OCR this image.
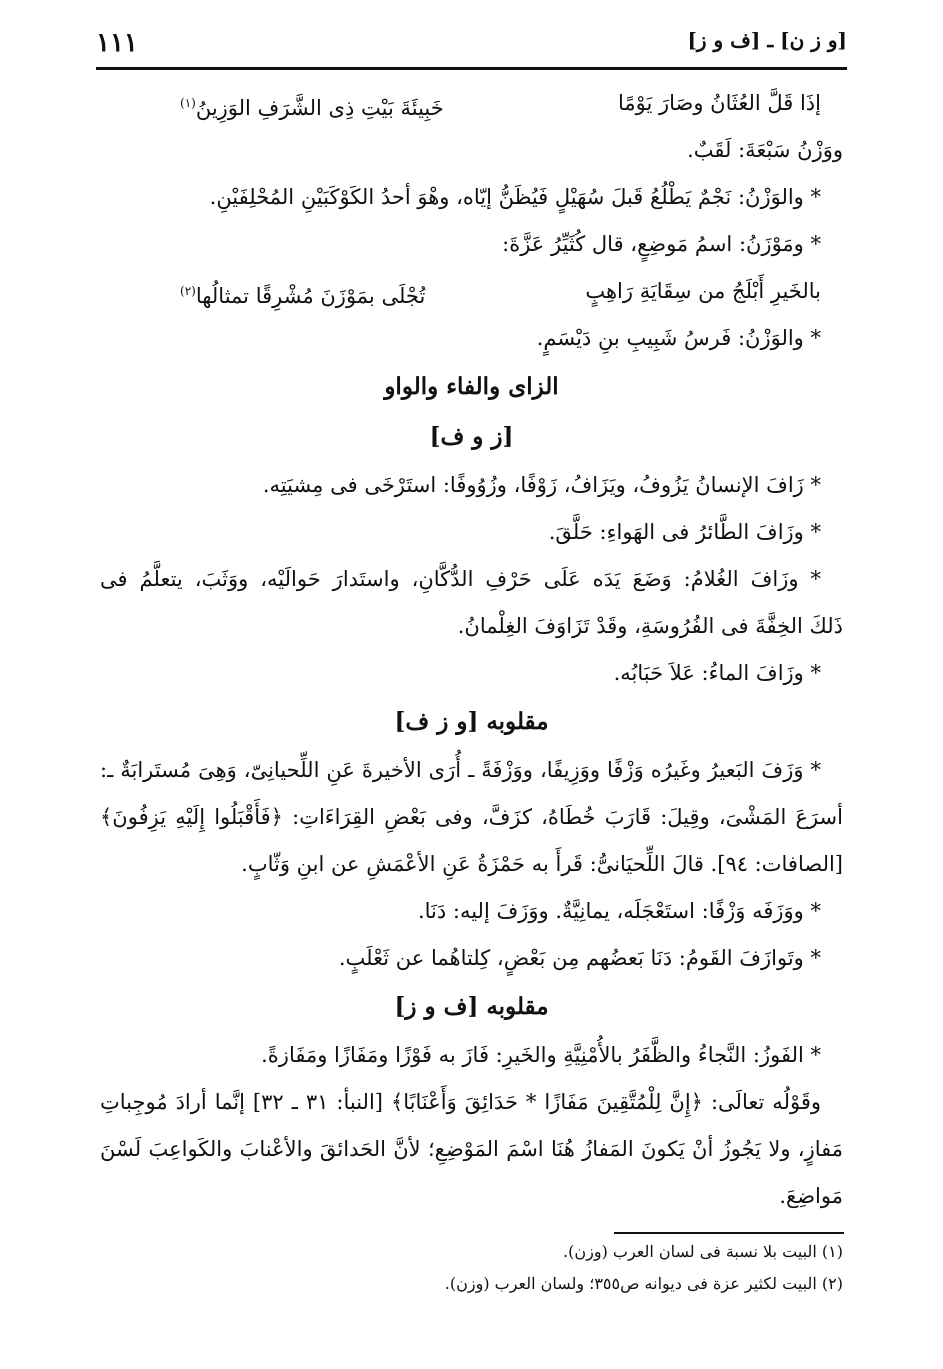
[و ز ن] ـ [ف و ز]
١١١
إذَا قَلَّ العُثَانُ وصَارَ يَوْمًا
خَبِيئَةَ بَيْتِ ذِى الشَّرَفِ الوَزِينُ$^{(١)}$
ووَزْنُ سَبْعَةَ: لَقَبٌ.
* والوَزْنُ: نَجْمٌ يَطْلُعُ قَبلَ سُهَيْلٍ فَيُظَنُّ إيّاه، وهْوَ أحدُ الكَوْكَبَيْنِ المُحْلِفَيْنِ.
* ومَوْزَنُ: اسمُ مَوضِعٍ، قال كُثَيِّرُ عَزَّةَ:
بالخَيرِ أَبْلَجُ من سِقَايَةِ رَاهِبٍ
تُجْلَى بمَوْزَنَ مُشْرِقًا تمثالُها$^{(٢)}$
* والوَزْنُ: فَرسُ شَبِيبِ بنِ دَيْسَمٍ.
الزاى والفاء والواو
[ز و ف]
* زَافَ الإنسانُ يَزُوفُ، ويَزَافُ، زَوْفًا، وزُوُوفًا: استَرْخَى فى مِشيَتِه.
* وزَافَ الطَّائرُ فى الهَواءِ: حَلَّقَ.
* وزَافَ الغُلامُ: وَضَعَ يَدَه عَلَى حَرْفِ الدُّكَّانِ، واستَدارَ حَوالَيْه، ووَثَبَ، يتعلَّمُ فى
ذَلكَ الخِفَّةَ فى الفُرُوسَةِ، وقَدْ تَزَاوَفَ الغِلْمانُ.
* وزَافَ الماءُ: عَلاَ حَبَابُه.
مقلوبه [و ز ف]
* وَزَفَ البَعيرُ وغَيرُه وَزْفًا ووَزِيفًا، ووَزْفَةً ـ أُرَى الأخيرةَ عَنِ اللِّحيانِىّ، وَهِىَ مُستَرابَةٌ ـ:
أسرَعَ المَشْىَ، وقِيلَ: قَارَبَ خُطَاهُ، كزَفَّ، وفى بَعْضِ القِرَاءَاتِ: ﴿فَأَقْبَلُوا إِلَيْهِ يَزِفُونَ﴾
[الصافات: ٩٤]. قالَ اللِّحيَانىُّ: قَرأَ به حَمْزَةُ عَنِ الأعْمَشِ عن ابنِ وَثّابٍ.
* ووَزَفَه وَزْفًا: استَعْجَلَه، يمانِيَّةٌ. ووَزَفَ إليه: دَنَا.
* وتَوازَفَ القَومُ: دَنَا بَعضُهم مِن بَعْضٍ، كِلتاهُما عن ثَعْلَبٍ.
مقلوبه [ف و ز]
* الفَوزُ: النَّجاءُ والظَّفَرُ بالأُمْنِيَّةِ والخَيرِ: فَازَ به فَوْزًا ومَفَازًا ومَفَازةً.
وقَوْلُه تعالَى: ﴿إِنَّ لِلْمُتَّقِينَ مَفَازًا * حَدَائِقَ وَأَعْنَابًا﴾ [النبأ: ٣١ ـ ٣٢] إنَّما أرادَ مُوجِباتِ
مَفازٍ، ولا يَجُوزُ أنْ يَكونَ المَفازُ هُنَا اسْمَ المَوْضِعِ؛ لأنَّ الحَدائقَ والأعْنابَ والكَواعِبَ لَسْنَ
مَواضِعَ.
(١) البيت بلا نسبة فى لسان العرب (وزن).
(٢) البيت لكثير عزة فى ديوانه ص٣٥٥؛ ولسان العرب (وزن).
